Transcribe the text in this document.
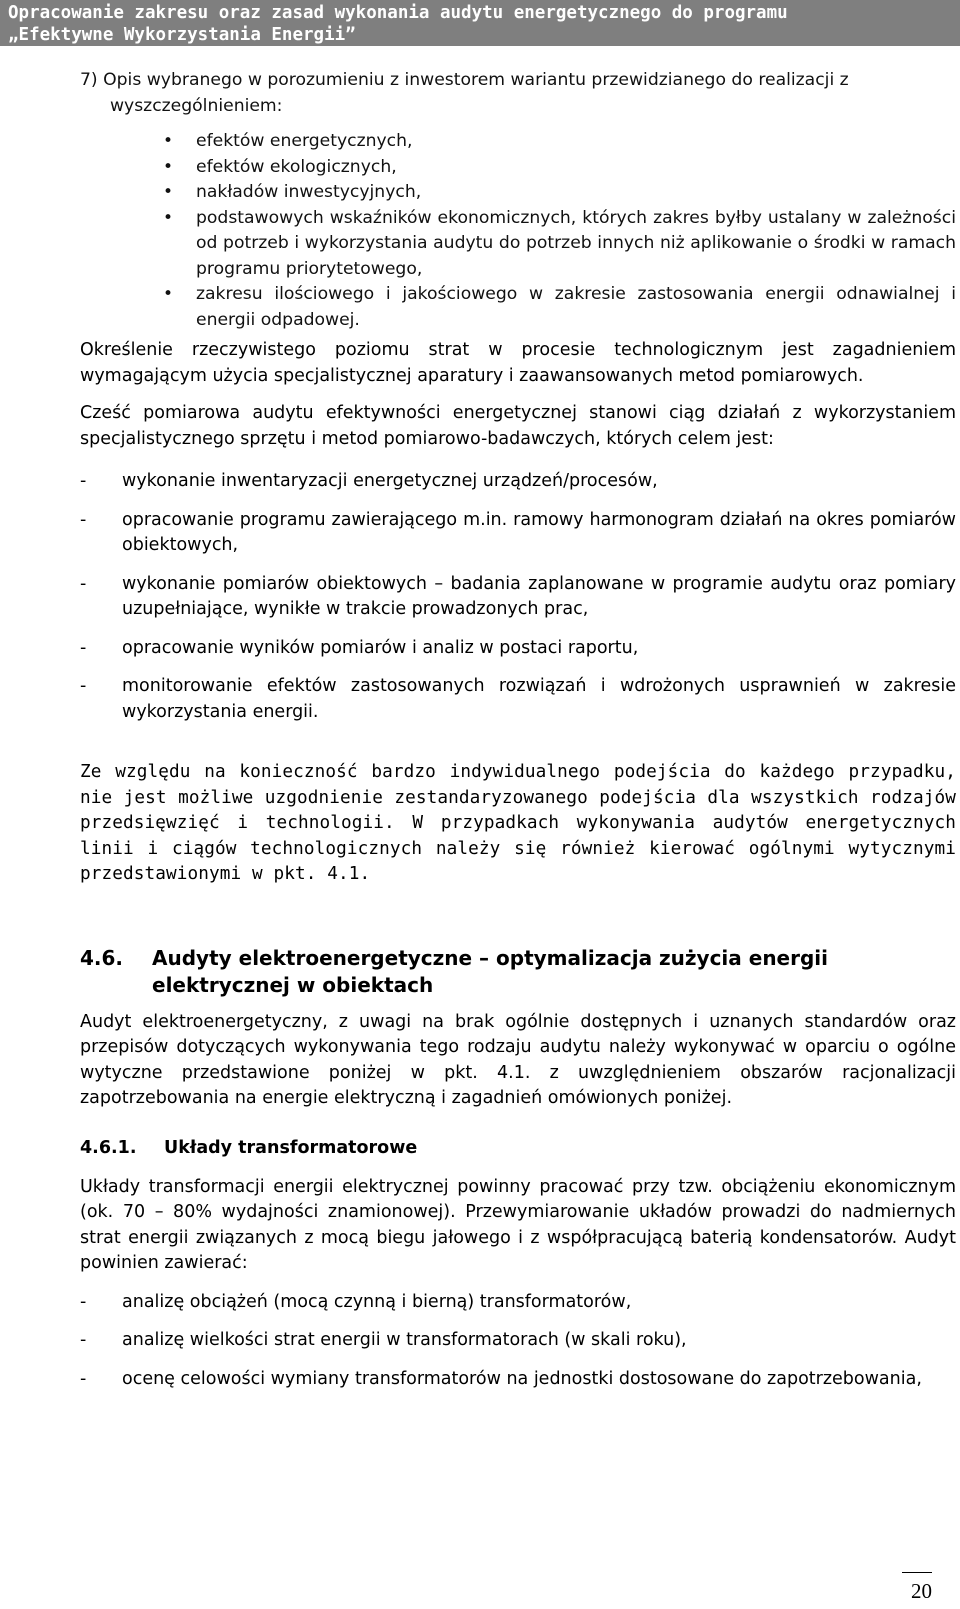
Opracowanie zakresu oraz zasad wykonania audytu energetycznego do programu
„Efektywne Wykorzystania Energii”

7) Opis wybranego w porozumieniu z inwestorem wariantu przewidzianego do realizacji z wyszczególnieniem:

• efektów energetycznych,
• efektów ekologicznych,
• nakładów inwestycyjnych,
• podstawowych wskaźników ekonomicznych, których zakres byłby ustalany w zależności od potrzeb i wykorzystania audytu do potrzeb innych niż aplikowanie o środki w ramach programu priorytetowego,
• zakresu ilościowego i jakościowego w zakresie zastosowania energii odnawialnej i energii odpadowej.

Określenie rzeczywistego poziomu strat w procesie technologicznym jest zagadnieniem wymagającym użycia specjalistycznej aparatury i zaawansowanych metod pomiarowych.

Cześć pomiarowa audytu efektywności energetycznej stanowi ciąg działań z wykorzystaniem specjalistycznego sprzętu i metod pomiarowo-badawczych, których celem jest:

- wykonanie inwentaryzacji energetycznej urządzeń/procesów,
- opracowanie programu zawierającego m.in. ramowy harmonogram działań na okres pomiarów obiektowych,
- wykonanie pomiarów obiektowych – badania zaplanowane w programie audytu oraz pomiary uzupełniające, wynikłe w trakcie prowadzonych prac,
- opracowanie wyników pomiarów i analiz w postaci raportu,
- monitorowanie efektów zastosowanych rozwiązań i wdrożonych usprawnień w zakresie wykorzystania energii.

Ze względu na konieczność bardzo indywidualnego podejścia do każdego przypadku, nie jest możliwe uzgodnienie zestandaryzowanego podejścia dla wszystkich rodzajów przedsięwzięć i technologii. W przypadkach wykonywania audytów energetycznych linii i ciągów technologicznych należy się również kierować ogólnymi wytycznymi przedstawionymi w pkt. 4.1.

4.6.	Audyty elektroenergetyczne – optymalizacja zużycia energii elektrycznej w obiektach

Audyt elektroenergetyczny, z uwagi na brak ogólnie dostępnych i uznanych standardów oraz przepisów dotyczących wykonywania tego rodzaju audytu należy wykonywać w oparciu o ogólne wytyczne przedstawione poniżej w pkt. 4.1. z uwzględnieniem obszarów racjonalizacji zapotrzebowania na energie elektryczną i zagadnień omówionych poniżej.

4.6.1.	Układy transformatorowe

Układy transformacji energii elektrycznej powinny pracować przy tzw. obciążeniu ekonomicznym (ok. 70 – 80% wydajności znamionowej). Przewymiarowanie układów prowadzi do nadmiernych strat energii związanych z mocą biegu jałowego i z współpracującą baterią kondensatorów. Audyt powinien zawierać:

- analizę obciążeń (mocą czynną i bierną) transformatorów,
- analizę wielkości strat energii w transformatorach (w skali roku),
- ocenę celowości wymiany transformatorów na jednostki dostosowane do zapotrzebowania,
20
